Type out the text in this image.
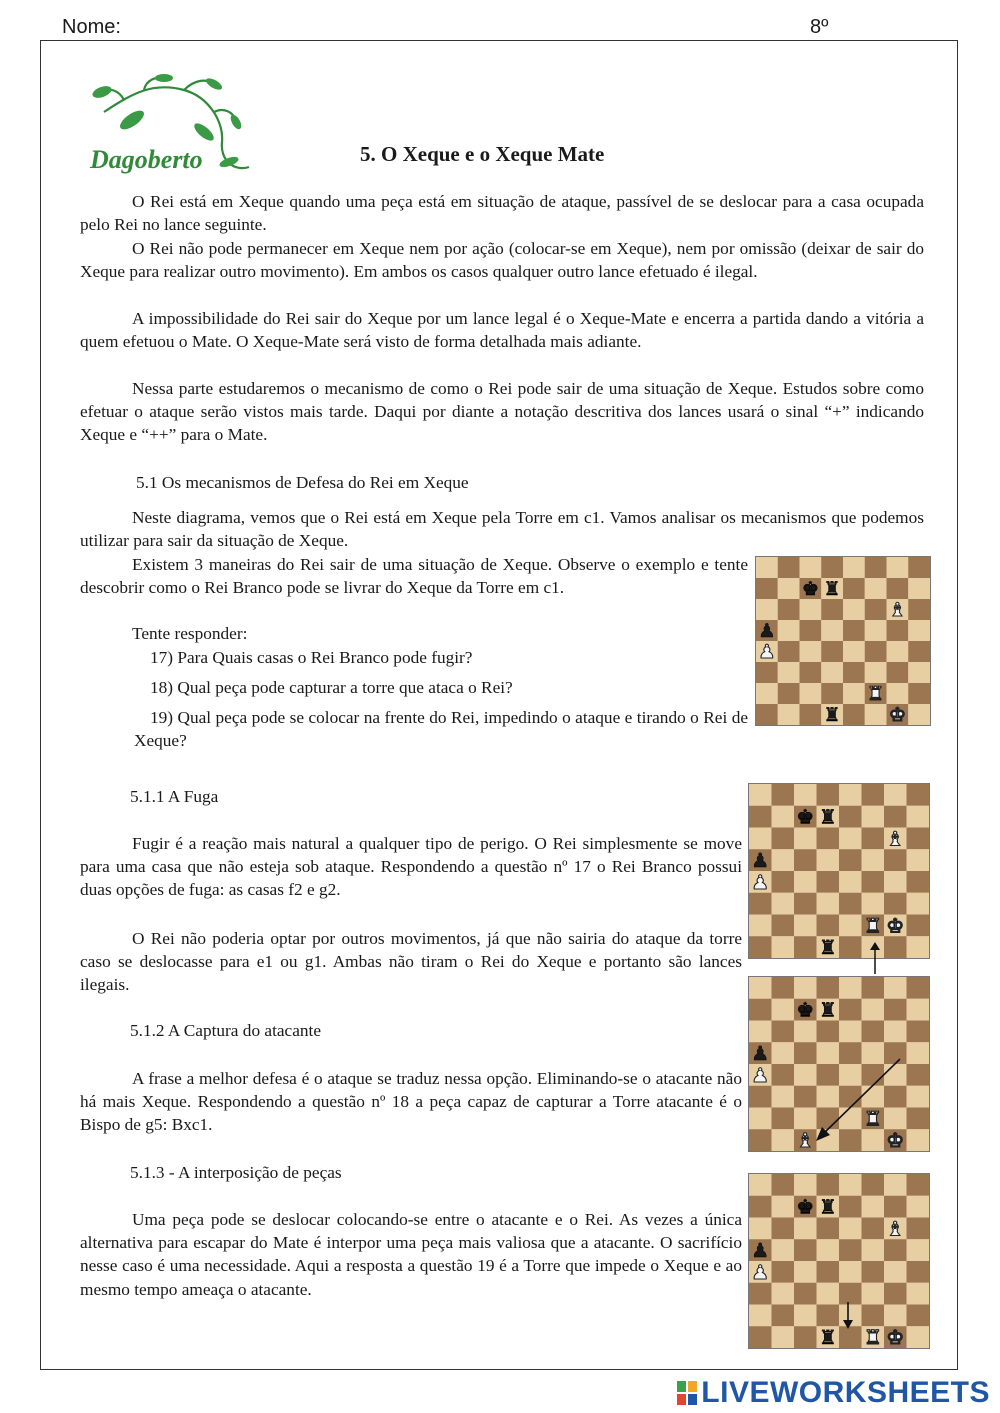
Nome:	8º
Dagoberto	5. O Xeque e o Xeque Mate

O Rei está em Xeque quando uma peça está em situação de ataque, passível de se deslocar para a casa ocupada pelo Rei no lance seguinte.

O Rei não pode permanecer em Xeque nem por ação (colocar-se em Xeque), nem por omissão (deixar de sair do Xeque para realizar outro movimento). Em ambos os casos qualquer outro lance efetuado é ilegal.

A impossibilidade do Rei sair do Xeque por um lance legal é o Xeque-Mate e encerra a partida dando a vitória a quem efetuou o Mate. O Xeque-Mate será visto de forma detalhada mais adiante.

Nessa parte estudaremos o mecanismo de como o Rei pode sair de uma situação de Xeque. Estudos sobre como efetuar o ataque serão vistos mais tarde. Daqui por diante a notação descritiva dos lances usará o sinal “+” indicando Xeque e “++” para o Mate.

5.1 Os mecanismos de Defesa do Rei em Xeque

Neste diagrama, vemos que o Rei está em Xeque pela Torre em c1. Vamos analisar os mecanismos que podemos utilizar para sair da situação de Xeque.

Existem 3 maneiras do Rei sair de uma situação de Xeque. Observe o exemplo e tente descobrir como o Rei Branco pode se livrar do Xeque da Torre em c1.

Tente responder:

17) Para Quais casas o Rei Branco pode fugir?

18) Qual peça pode capturar a torre que ataca o Rei?

19) Qual peça pode se colocar na frente do Rei, impedindo o ataque e tirando o Rei de Xeque?

5.1.1 A Fuga

Fugir é a reação mais natural a qualquer tipo de perigo. O Rei simplesmente se move para uma casa que não esteja sob ataque. Respondendo a questão nº 17 o Rei Branco possui duas opções de fuga: as casas f2 e g2.

O Rei não poderia optar por outros movimentos, já que não sairia do ataque da torre caso se deslocasse para e1 ou g1. Ambas não tiram o Rei do Xeque e portanto são lances ilegais.

5.1.2 A Captura do atacante

A frase a melhor defesa é o ataque se traduz nessa opção. Eliminando-se o atacante não há mais Xeque. Respondendo a questão nº 18 a peça capaz de capturar a Torre atacante é o Bispo de g5: Bxc1.

5.1.3 - A interposição de peças

Uma peça pode se deslocar colocando-se entre o atacante e o Rei. As vezes a única alternativa para escapar do Mate é interpor uma peça mais valiosa que a atacante. O sacrifício nesse caso é uma necessidade. Aqui a resposta a questão 19 é a Torre que impede o Xeque e ao mesmo tempo ameaça o atacante.

LIVEWORKSHEETS
